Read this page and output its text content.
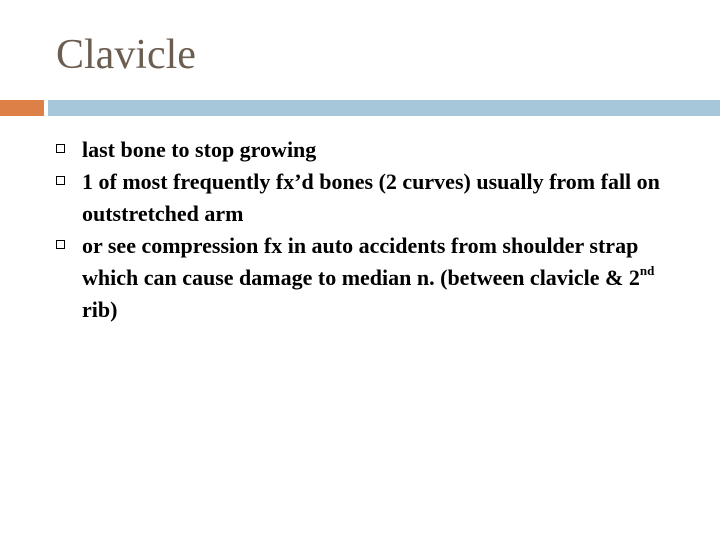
Clavicle
last bone to stop growing
1 of most frequently fx’d bones (2 curves) usually from fall on outstretched arm
or see compression fx in auto accidents from shoulder strap which can cause damage to median n. (between clavicle & 2nd rib)
